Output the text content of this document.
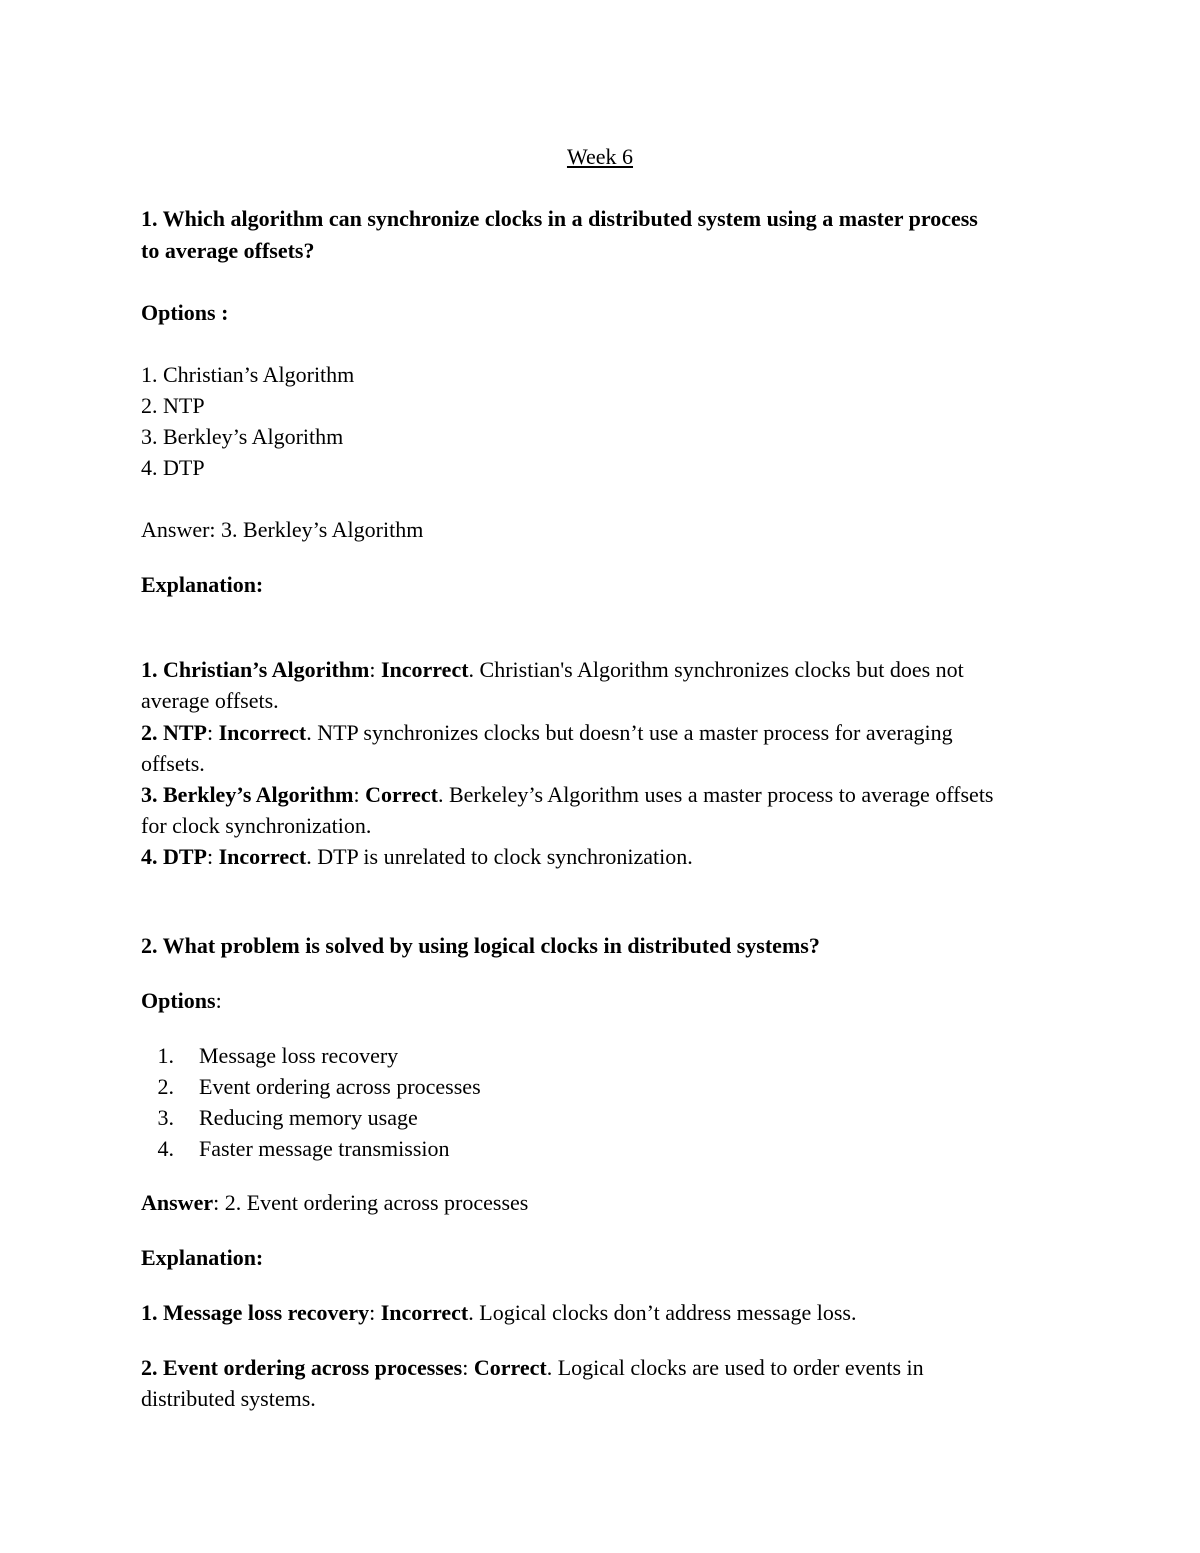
Week 6
1. Which algorithm can synchronize clocks in a distributed system using a master process
to average offsets?
Options :
1. Christian’s Algorithm
2. NTP
3. Berkley’s Algorithm
4. DTP
Answer: 3. Berkley’s Algorithm
Explanation:
1. Christian’s Algorithm: Incorrect. Christian's Algorithm synchronizes clocks but does not
average offsets.
2. NTP: Incorrect. NTP synchronizes clocks but doesn’t use a master process for averaging
offsets.
3. Berkley’s Algorithm: Correct. Berkeley’s Algorithm uses a master process to average offsets
for clock synchronization.
4. DTP: Incorrect. DTP is unrelated to clock synchronization.
2. What problem is solved by using logical clocks in distributed systems?
Options:
1. Message loss recovery
2. Event ordering across processes
3. Reducing memory usage
4. Faster message transmission
Answer: 2. Event ordering across processes
Explanation:
1. Message loss recovery: Incorrect. Logical clocks don’t address message loss.
2. Event ordering across processes: Correct. Logical clocks are used to order events in
distributed systems.
